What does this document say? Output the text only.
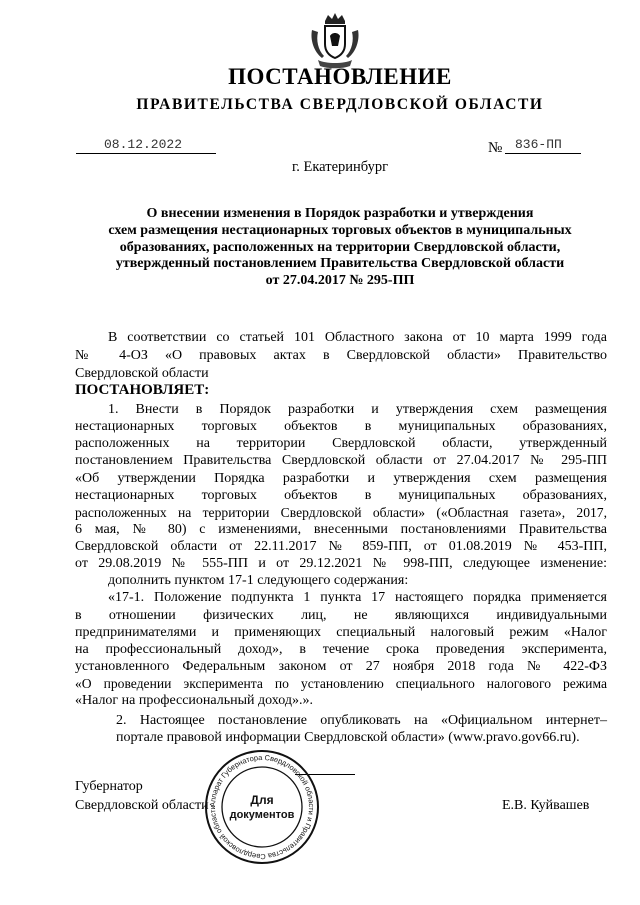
ПОСТАНОВЛЕНИЕ
ПРАВИТЕЛЬСТВА СВЕРДЛОВСКОЙ ОБЛАСТИ
08.12.2022	№ 836-ПП
г. Екатеринбург
О внесении изменения в Порядок разработки и утверждения
схем размещения нестационарных торговых объектов в муниципальных
образованиях, расположенных на территории Свердловской области,
утвержденный постановлением Правительства Свердловской области
от 27.04.2017 № 295-ПП
В соответствии со статьей 101 Областного закона от 10 марта 1999 года
№ 4-ОЗ «О правовых актах в Свердловской области» Правительство
Свердловской области
ПОСТАНОВЛЯЕТ:
1. Внести в Порядок разработки и утверждения схем размещения
нестационарных торговых объектов в муниципальных образованиях,
расположенных на территории Свердловской области, утвержденный
постановлением Правительства Свердловской области от 27.04.2017 № 295-ПП
«Об утверждении Порядка разработки и утверждения схем размещения
нестационарных торговых объектов в муниципальных образованиях,
расположенных на территории Свердловской области» («Областная газета», 2017,
6 мая, № 80) с изменениями, внесенными постановлениями Правительства
Свердловской области от 22.11.2017 № 859-ПП, от 01.08.2019 № 453-ПП,
от 29.08.2019 № 555-ПП и от 29.12.2021 № 998-ПП, следующее изменение:
дополнить пунктом 17-1 следующего содержания:
«17-1. Положение подпункта 1 пункта 17 настоящего порядка применяется
в отношении физических лиц, не являющихся индивидуальными
предпринимателями и применяющих специальный налоговый режим «Налог
на профессиональный доход», в течение срока проведения эксперимента,
установленного Федеральным законом от 27 ноября 2018 года № 422-ФЗ
«О проведении эксперимента по установлению специального налогового режима
«Налог на профессиональный доход».».
2. Настоящее постановление опубликовать на «Официальном интернет–
портале правовой информации Свердловской области» (www.pravo.gov66.ru).
Губернатор
Свердловской области	Е.В. Куйвашев
Аппарат Губернатора Свердловской области и Правительства Свердловской области
Для
документов
